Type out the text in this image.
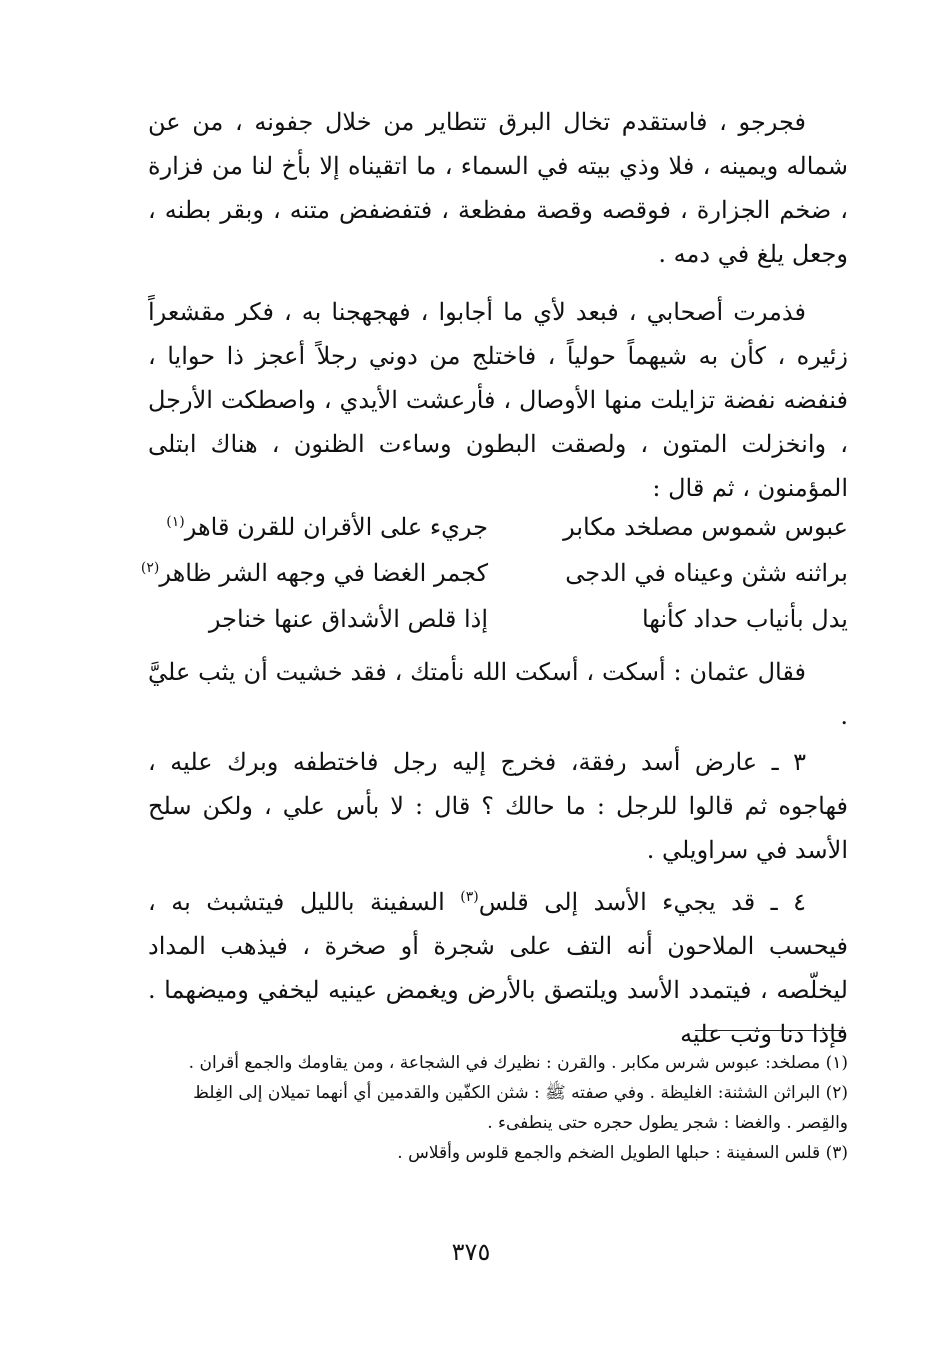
فجرجو ، فاستقدم تخال البرق تتطاير من خلال جفونه ، من عن شماله ويمينه ، فلا وذي بيته في السماء ، ما اتقيناه إلا بأخ لنا من فزارة ، ضخم الجزارة ، فوقصه وقصة مفظعة ، فتفضفض متنه ، وبقر بطنه ، وجعل يلغ في دمه .

فذمرت أصحابي ، فبعد لأي ما أجابوا ، فهجهجنا به ، فكر مقشعراً زئيره ، كأن به شيهماً حولياً ، فاختلج من دوني رجلاً أعجز ذا حوايا ، فنفضه نفضة تزايلت منها الأوصال ، فأرعشت الأيدي ، واصطكت الأرجل ، وانخزلت المتون ، ولصقت البطون وساءت الظنون ، هناك ابتلى المؤمنون ، ثم قال :

عبوس شموس مصلخد مكابر
جريء على الأقران للقرن قاهر$^{(١)}$
براثنه شثن وعيناه في الدجى
كجمر الغضا في وجهه الشر ظاهر$^{(٢)}$
يدل بأنياب حداد كأنها
إذا قلص الأشداق عنها خناجر

فقال عثمان : أسكت ، أسكت الله نأمتك ، فقد خشيت أن يثب عليَّ .

٣ ـ عارض أسد رفقة، فخرج إليه رجل فاختطفه وبرك عليه ، فهاجوه ثم قالوا للرجل : ما حالك ؟ قال : لا بأس علي ، ولكن سلح الأسد في سراويلي .

٤ ـ قد يجيء الأسد إلى قلس$^{(٣)}$ السفينة بالليل فيتشبث به ، فيحسب الملاحون أنه التف على شجرة أو صخرة ، فيذهب المداد ليخلّصه ، فيتمدد الأسد ويلتصق بالأرض ويغمض عينيه ليخفي وميضهما . فإذا دنا وثب عليه

(١) مصلخد: عبوس شرس مكابر . والقرن : نظيرك في الشجاعة ، ومن يقاومك والجمع أقران .

(٢) البراثن الشثنة: الغليظة . وفي صفته ﷺ : شثن الكفّين والقدمين أي أنهما تميلان إلى الغِلظ والقِصر . والغضا : شجر يطول حجره حتى ينطفىء .

(٣) قلس السفينة : حبلها الطويل الضخم والجمع قلوس وأقلاس .

٣٧٥
